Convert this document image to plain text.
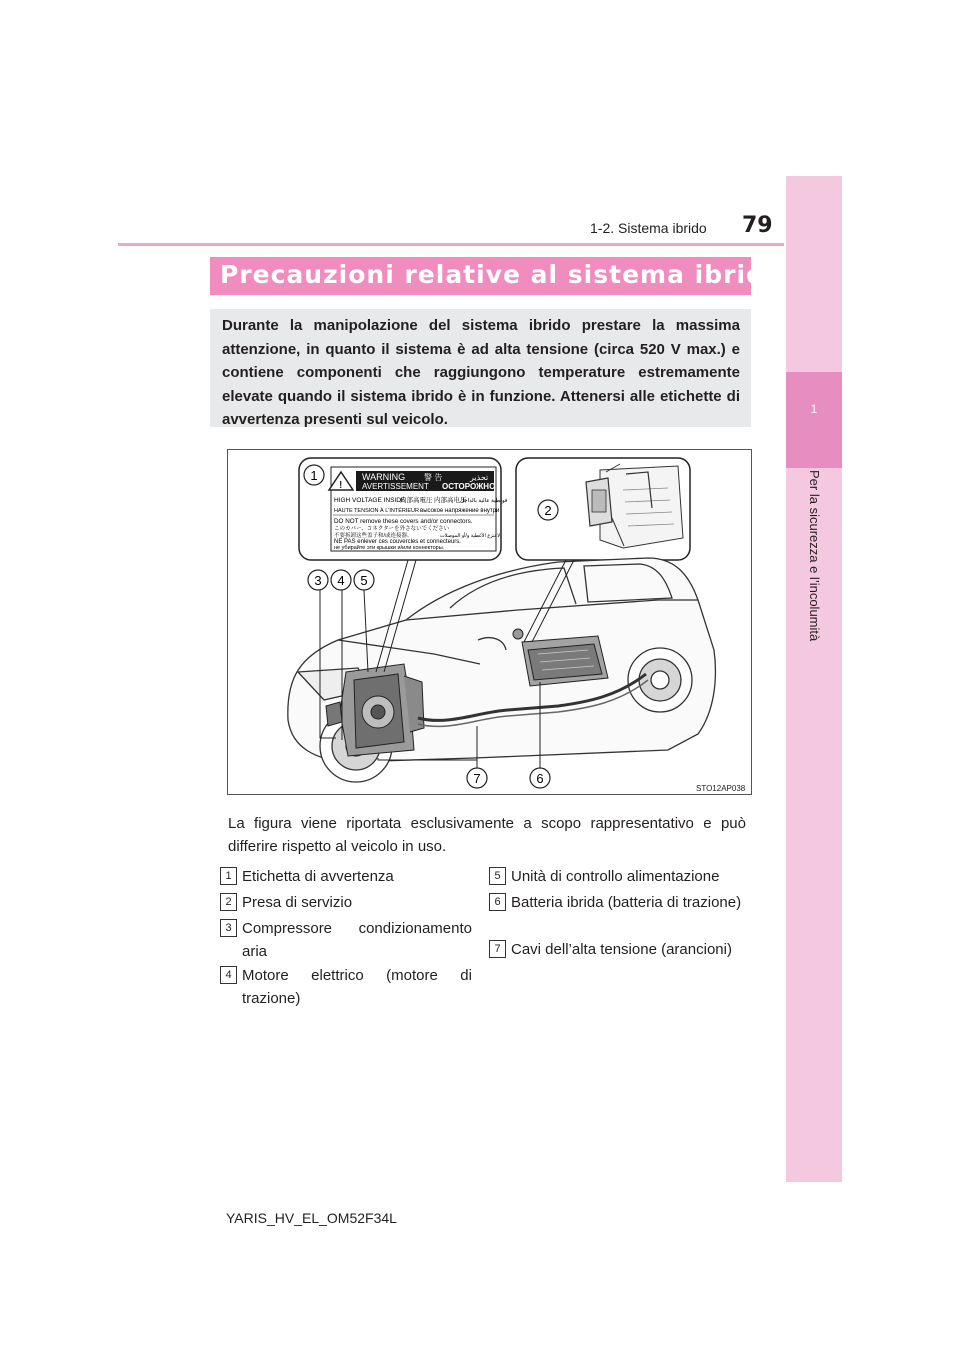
79
1-2. Sistema ibrido
1
Per la sicurezza e l’incolumità
Precauzioni relative al sistema ibrido
Durante la manipolazione del sistema ibrido prestare la massima attenzione, in quanto il sistema è ad alta tensione (circa 520 V max.) e contiene componenti che raggiungono temperature estremamente elevate quando il sistema ibrido è in funzione. Attenersi alle etichette di avvertenza presenti sul veicolo.
!
WARNING 警 告	تحذير
AVERTISSEMENT ОСТОРОЖНО
HIGH VOLTAGE INSIDE
内部高電圧 内部高电压
فولطية عالية بالداخل
HAUTE TENSION À L'INTÉRIEUR высокое напряжение внутри
DO NOT remove these covers and/or connectors.
このカバー、コネクターを外さないでください
不要拆卸这些盖子和/或连接器。	لا تنزع الأغطية و/أو الموصلات
NE PAS enlever ces couvercles et connecteurs.
не убирайте эти крышки и/или коннекторы.
1
2
3 4 5
6
7
STO12AP038
La figura viene riportata esclusivamente a scopo rappresentativo e può differire rispetto al veicolo in uso.
1 Etichetta di avvertenza
2 Presa di servizio
3 Compressore condizionamento aria
4 Motore elettrico (motore di trazione)
5 Unità di controllo alimentazione
6 Batteria ibrida (batteria di trazione)
7 Cavi dell’alta tensione (arancioni)
YARIS_HV_EL_OM52F34L
